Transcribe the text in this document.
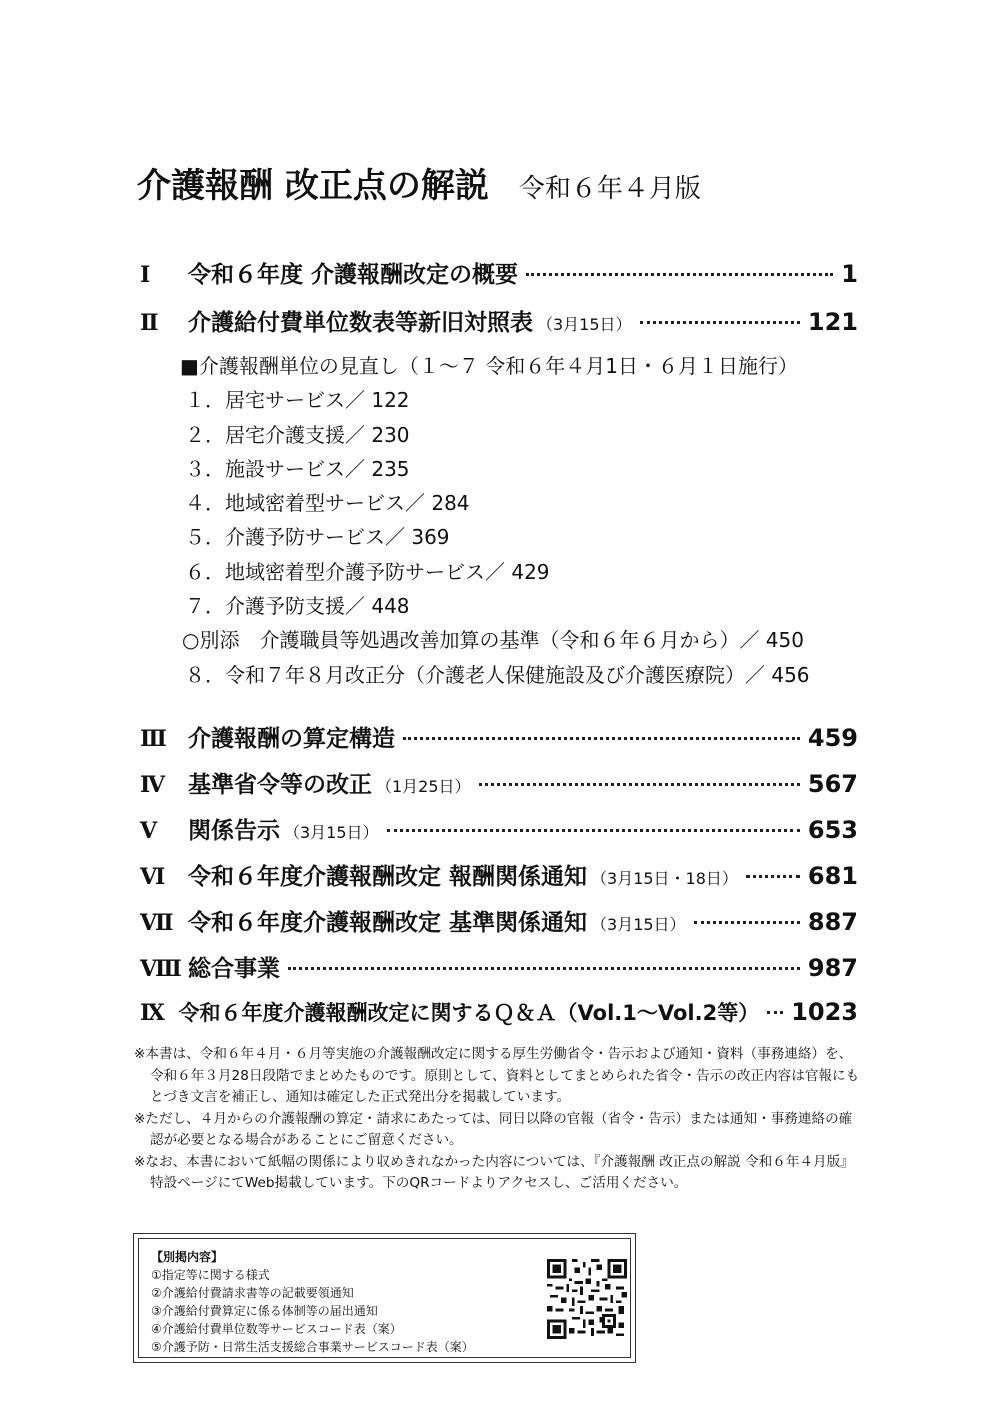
介護報酬 改正点の解説 令和６年４月版
Ⅰ	令和６年度 介護報酬改定の概要	1
Ⅱ	介護給付費単位数表等新旧対照表 （3月15日）	121
■介護報酬単位の見直し（１～７ 令和６年４月1日・６月１日施行）
１．居宅サービス／ 122
２．居宅介護支援／ 230
３．施設サービス／ 235
４．地域密着型サービス／ 284
５．介護予防サービス／ 369
６．地域密着型介護予防サービス／ 429
７．介護予防支援／ 448
○別添　介護職員等処遇改善加算の基準（令和６年６月から）／ 450
８．令和７年８月改正分（介護老人保健施設及び介護医療院）／ 456
Ⅲ 介護報酬の算定構造	459
Ⅳ	基準省令等の改正 （1月25日）	567
Ⅴ	関係告示 （3月15日）	653
Ⅵ 令和６年度介護報酬改定 報酬関係通知 （3月15日・18日）	681
Ⅶ 令和６年度介護報酬改定 基準関係通知 （3月15日）	887
Ⅷ 総合事業	987
Ⅸ 令和６年度介護報酬改定に関するＱ＆Ａ（Vol.1～Vol.2等） 1023

※本書は、令和６年４月・６月等実施の介護報酬改定に関する厚生労働省令・告示および通知・資料（事務連絡）を、令和６年３月28日段階でまとめたものです。原則として、資料としてまとめられた省令・告示の改正内容は官報にもとづき文言を補正し、通知は確定した正式発出分を掲載しています。

※ただし、４月からの介護報酬の算定・請求にあたっては、同日以降の官報（省令・告示）または通知・事務連絡の確認が必要となる場合があることにご留意ください。

※なお、本書において紙幅の関係により収めきれなかった内容については、『介護報酬 改正点の解説 令和６年４月版』特設ページにてWeb掲載しています。下のQRコードよりアクセスし、ご活用ください。

【別掲内容】
①指定等に関する様式
②介護給付費請求書等の記載要領通知
③介護給付費算定に係る体制等の届出通知
④介護給付費単位数等サービスコード表（案）
⑤介護予防・日常生活支援総合事業サービスコード表（案）
